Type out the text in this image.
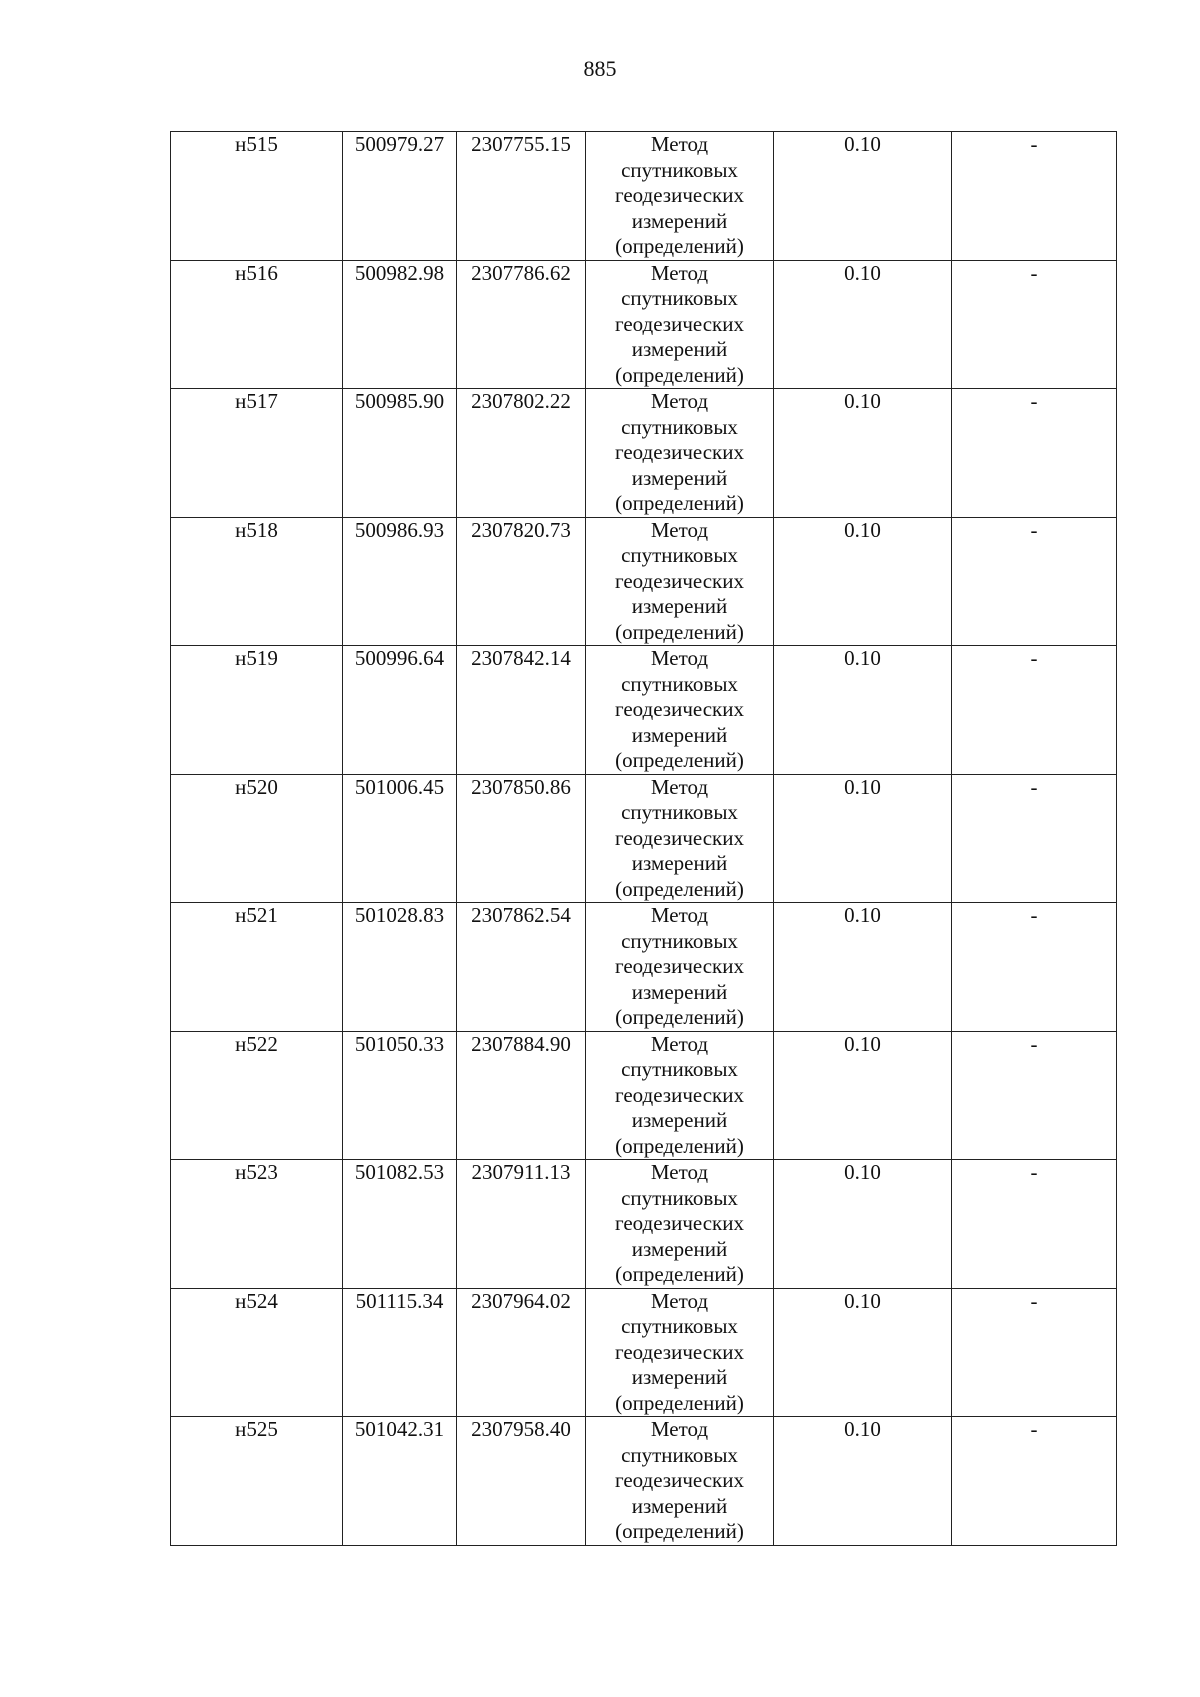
885
н515	500979.27	2307755.15	Метод
спутниковых
геодезических
измерений
(определений)	0.10	-
н516	500982.98	2307786.62	Метод
спутниковых
геодезических
измерений
(определений)	0.10	-
н517	500985.90	2307802.22	Метод
спутниковых
геодезических
измерений
(определений)	0.10	-
н518	500986.93	2307820.73	Метод
спутниковых
геодезических
измерений
(определений)	0.10	-
н519	500996.64	2307842.14	Метод
спутниковых
геодезических
измерений
(определений)	0.10	-
н520	501006.45	2307850.86	Метод
спутниковых
геодезических
измерений
(определений)	0.10	-
н521	501028.83	2307862.54	Метод
спутниковых
геодезических
измерений
(определений)	0.10	-
н522	501050.33	2307884.90	Метод
спутниковых
геодезических
измерений
(определений)	0.10	-
н523	501082.53	2307911.13	Метод
спутниковых
геодезических
измерений
(определений)	0.10	-
н524	501115.34	2307964.02	Метод
спутниковых
геодезических
измерений
(определений)	0.10	-
н525	501042.31	2307958.40	Метод
спутниковых
геодезических
измерений
(определений)	0.10	-
